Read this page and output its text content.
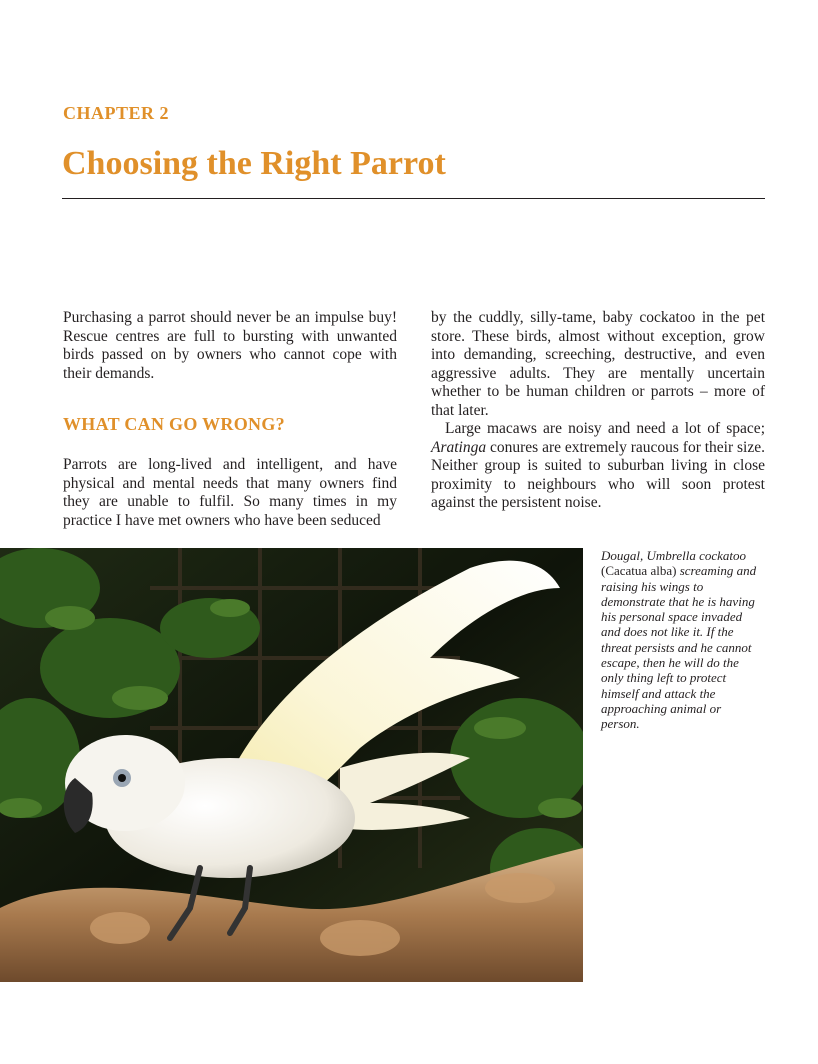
CHAPTER 2
Choosing the Right Parrot

Purchasing a parrot should never be an impulse buy! Rescue centres are full to bursting with unwanted birds passed on by owners who cannot cope with their demands.

WHAT CAN GO WRONG?

Parrots are long-lived and intelligent, and have physical and mental needs that many owners find they are unable to fulfil. So many times in my practice I have met owners who have been seduced

by the cuddly, silly-tame, baby cockatoo in the pet store. These birds, almost without exception, grow into demanding, screeching, destructive, and even aggressive adults. They are mentally uncertain whether to be human children or parrots – more of that later.

Large macaws are noisy and need a lot of space; Aratinga conures are extremely raucous for their size. Neither group is suited to suburban living in close proximity to neighbours who will soon protest against the persistent noise.

Dougal, Umbrella cockatoo (Cacatua alba) screaming and raising his wings to demonstrate that he is having his personal space invaded and does not like it. If the threat persists and he cannot escape, then he will do the only thing left to protect himself and attack the approaching animal or person.
